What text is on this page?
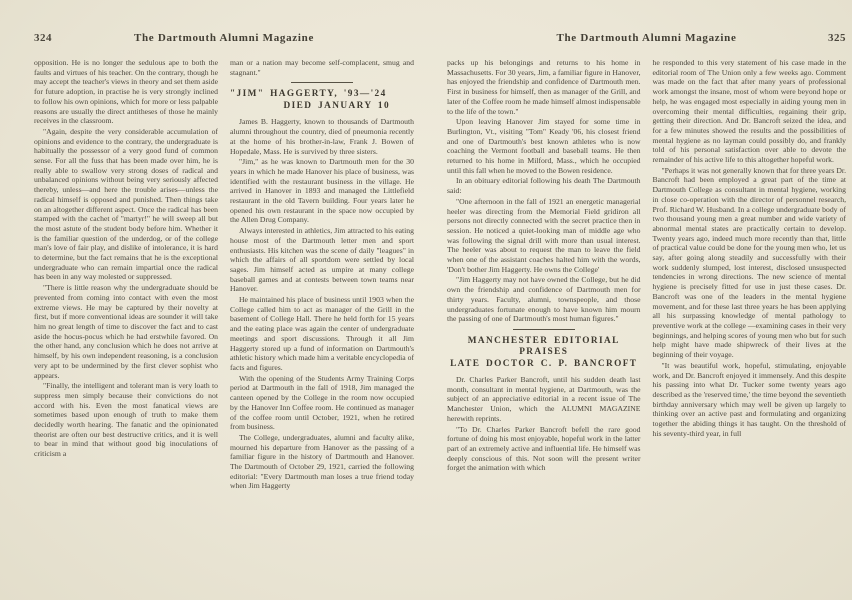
324	The Dartmouth Alumni Magazine

opposition. He is no longer the sedulous ape to both the faults and virtues of his teacher. On the contrary, though he may accept the teacher's views in theory and set them aside for future adoption, in practise he is very strongly inclined to follow his own opinions, which for more or less palpable reasons are usually the direct antitheses of those he mainly receives in the classroom.

"Again, despite the very considerable accumulation of opinions and evidence to the contrary, the undergraduate is habitually the possessor of a very good fund of common sense. For all the fuss that has been made over him, he is really able to swallow very strong doses of radical and unbalanced opinions without being very seriously affected thereby, unless—and here the trouble arises—unless the radical himself is opposed and punished. Then things take on an altogether different aspect. Once the radical has been stamped with the cachet of "martyr!" he will sweep all but the most astute of the student body before him. Whether it is the familiar question of the underdog, or of the college man's love of fair play, and dislike of intolerance, it is hard to determine, but the fact remains that he is the exceptional undergraduate who can remain impartial once the radical has been in any way molested or suppressed.

"There is little reason why the undergraduate should be prevented from coming into contact with even the most extreme views. He may be captured by their novelty at first, but if more conventional ideas are sounder it will take him no great length of time to discover the fact and to cast aside the hocus-pocus which he had erstwhile favored. On the other hand, any conclusion which he does not arrive at himself, by his own independent reasoning, is a conclusion very apt to be undermined by the first clever sophist who appears.

"Finally, the intelligent and tolerant man is very loath to suppress men simply because their convictions do not accord with his. Even the most fanatical views are sometimes based upon enough of truth to make them decidedly worth hearing. The fanatic and the opinionated theorist are often our best destructive critics, and it is well to bear in mind that without good big inoculations of criticism a

man or a nation may become self-complacent, smug and stagnant."

"JIM" HAGGERTY, '93—'24
DIED JANUARY 10

James B. Haggerty, known to thousands of Dartmouth alumni throughout the country, died of pneumonia recently at the home of his brother-in-law, Frank J. Bowen of Hopedale, Mass. He is survived by three sisters.

"Jim," as he was known to Dartmouth men for the 30 years in which he made Hanover his place of business, was identified with the restaurant business in the village. He arrived in Hanover in 1893 and managed the Littlefield restaurant in the old Tavern building. Four years later he opened his own restaurant in the space now occupied by the Allen Drug Company.

Always interested in athletics, Jim attracted to his eating house most of the Dartmouth letter men and sport enthusiasts. His kitchen was the scene of daily "leagues" in which the affairs of all sportdom were settled by local sages. Jim himself acted as umpire at many college baseball games and at contests between town teams near Hanover.

He maintained his place of business until 1903 when the College called him to act as manager of the Grill in the basement of College Hall. There he held forth for 15 years and the eating place was again the center of undergraduate meetings and sport discussions. Through it all Jim Haggerty stored up a fund of information on Dartmouth's athletic history which made him a veritable encyclopedia of facts and figures.

With the opening of the Students Army Training Corps period at Dartmouth in the fall of 1918, Jim managed the canteen opened by the College in the room now occupied by the Hanover Inn Coffee room. He continued as manager of the coffee room until October, 1921, when he retired from business.

The College, undergraduates, alumni and faculty alike, mourned his departure from Hanover as the passing of a familiar figure in the history of Dartmouth and Hanover. The Dartmouth of October 29, 1921, carried the following editorial: "Every Dartmouth man loses a true friend today when Jim Haggerty

The Dartmouth Alumni Magazine	325

packs up his belongings and returns to his home in Massachusetts. For 30 years, Jim, a familiar figure in Hanover, has enjoyed the friendship and confidence of Dartmouth men. First in business for himself, then as manager of the Grill, and later of the Coffee room he made himself almost indispensable to the life of the town."

Upon leaving Hanover Jim stayed for some time in Burlington, Vt., visiting "Tom" Keady '06, his closest friend and one of Dartmouth's best known athletes who is now coaching the Vermont football and baseball teams. He then returned to his home in Milford, Mass., which he occupied until this fall when he moved to the Bowen residence.

In an obituary editorial following his death The Dartmouth said:

"One afternoon in the fall of 1921 an energetic managerial heeler was directing from the Memorial Field gridiron all persons not directly connected with the secret practice then in session. He noticed a quiet-looking man of middle age who was following the signal drill with more than usual interest. The heeler was about to request the man to leave the field when one of the assistant coaches halted him with the words, 'Don't bother Jim Haggerty. He owns the College'

"Jim Haggerty may not have owned the College, but he did own the friendship and confidence of Dartmouth men for thirty years. Faculty, alumni, townspeople, and those undergraduates fortunate enough to have known him mourn the passing of one of Dartmouth's most human figures."

MANCHESTER EDITORIAL PRAISES
LATE DOCTOR C. P. BANCROFT

Dr. Charles Parker Bancroft, until his sudden death last month, consultant in mental hygiene, at Dartmouth, was the subject of an appreciative editorial in a recent issue of The Manchester Union, which the ALUMNI MAGAZINE herewith reprints.

"To Dr. Charles Parker Bancroft befell the rare good fortune of doing his most enjoyable, hopeful work in the latter part of an extremely active and influential life. He himself was deeply conscious of this. Not soon will the present writer forget the animation with which

he responded to this very statement of his case made in the editorial room of The Union only a few weeks ago. Comment was made on the fact that after many years of professional work amongst the insane, most of whom were beyond hope or help, he was engaged most especially in aiding young men in overcoming their mental difficulties, regaining their grip, getting their direction. And Dr. Bancroft seized the idea, and for a few minutes showed the results and the possibilities of mental hygiene as no layman could possibly do, and frankly told of his personal satisfaction over able to devote the remainder of his active life to this altogether hopeful work.

"Perhaps it was not generally known that for three years Dr. Bancroft had been employed a great part of the time at Dartmouth College as consultant in mental hygiene, working in close co-operation with the director of personnel research, Prof. Richard W. Husband. In a college undergraduate body of two thousand young men a great number and wide variety of abnormal mental states are practically certain to develop. Twenty years ago, indeed much more recently than that, little of practical value could be done for the young men who, let us say, after going along steadily and successfully with their work suddenly slumped, lost interest, disclosed unsuspected tendencies in wrong directions. The new science of mental hygiene is precisely fitted for use in just these cases. Dr. Bancroft was one of the leaders in the mental hygiene movement, and for these last three years he has been applying all his surpassing knowledge of mental pathology to preventive work at the college —examining cases in their very beginnings, and helping scores of young men who but for such help might have made shipwreck of their lives at the beginning of their voyage.

"It was beautiful work, hopeful, stimulating, enjoyable work, and Dr. Bancroft enjoyed it immensely. And this despite his passing into what Dr. Tucker some twenty years ago described as the 'reserved time,' the time beyond the seventieth birthday anniversary which may well be given up largely to thinking over an active past and formulating and organizing together the abiding things it has taught. On the threshold of his seventy-third year, in full
